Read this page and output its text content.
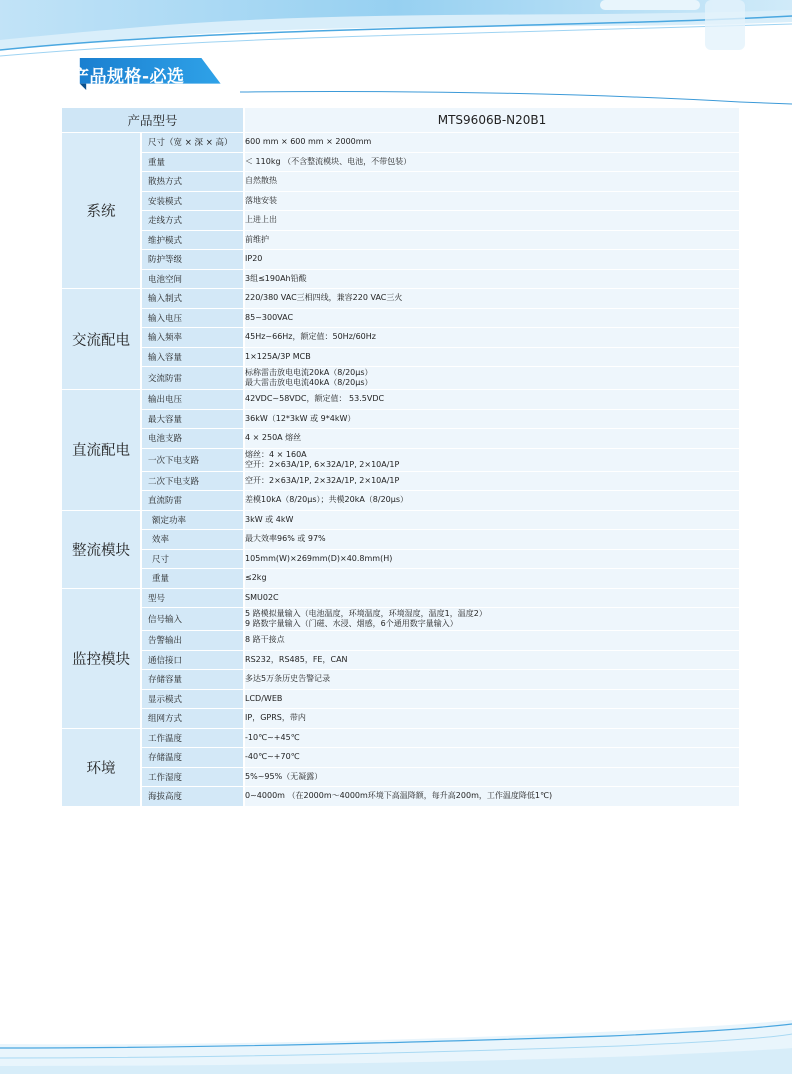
产品规格-必选
产品型号		MTS9606B-N20B1
系统	尺寸（宽 × 深 × 高）	600 mm × 600 mm × 2000mm

	重量	＜ 110kg （不含整流模块、电池，不带包装）

	散热方式	自然散热

	安装模式	落地安装

	走线方式	上进上出

	维护模式	前维护

	防护等级	IP20

	电池空间	3组≤190Ah铅酸

交流配电	输入制式	220/380 VAC三相四线，兼容220 VAC三火

	输入电压	85~300VAC

	输入频率	45Hz~66Hz，额定值：50Hz/60Hz

	输入容量	1×125A/3P MCB

	交流防雷	标称雷击放电电流20kA（8/20μs）
最大雷击放电电流40kA（8/20μs）

直流配电	输出电压	42VDC~58VDC，额定值： 53.5VDC

	最大容量	36kW（12*3kW 或 9*4kW）

	电池支路	4 × 250A 熔丝

	一次下电支路	熔丝：4 × 160A
空开：2×63A/1P, 6×32A/1P, 2×10A/1P

	二次下电支路	空开：2×63A/1P, 2×32A/1P, 2×10A/1P

	直流防雷	差模10kA（8/20μs）；共模20kA（8/20μs）

整流模块	额定功率	3kW 或 4kW

	效率	最大效率96% 或 97%

	尺寸	105mm(W)×269mm(D)×40.8mm(H)

	重量	≤2kg

监控模块	型号	SMU02C

	信号输入	5 路模拟量输入（电池温度，环境温度，环境湿度，温度1，温度2）
9 路数字量输入（门磁、水浸、烟感，6个通用数字量输入）

	告警输出	8 路干接点

	通信接口	RS232，RS485，FE，CAN

	存储容量	多达5万条历史告警记录

	显示模式	LCD/WEB

	组网方式	IP，GPRS，带内

环境	工作温度	-10℃~+45℃

	存储温度	-40℃~+70℃

	工作湿度	5%~95%（无凝露）

	海拔高度	0~4000m （在2000m～4000m环境下高温降额，每升高200m，工作温度降低1℃)
